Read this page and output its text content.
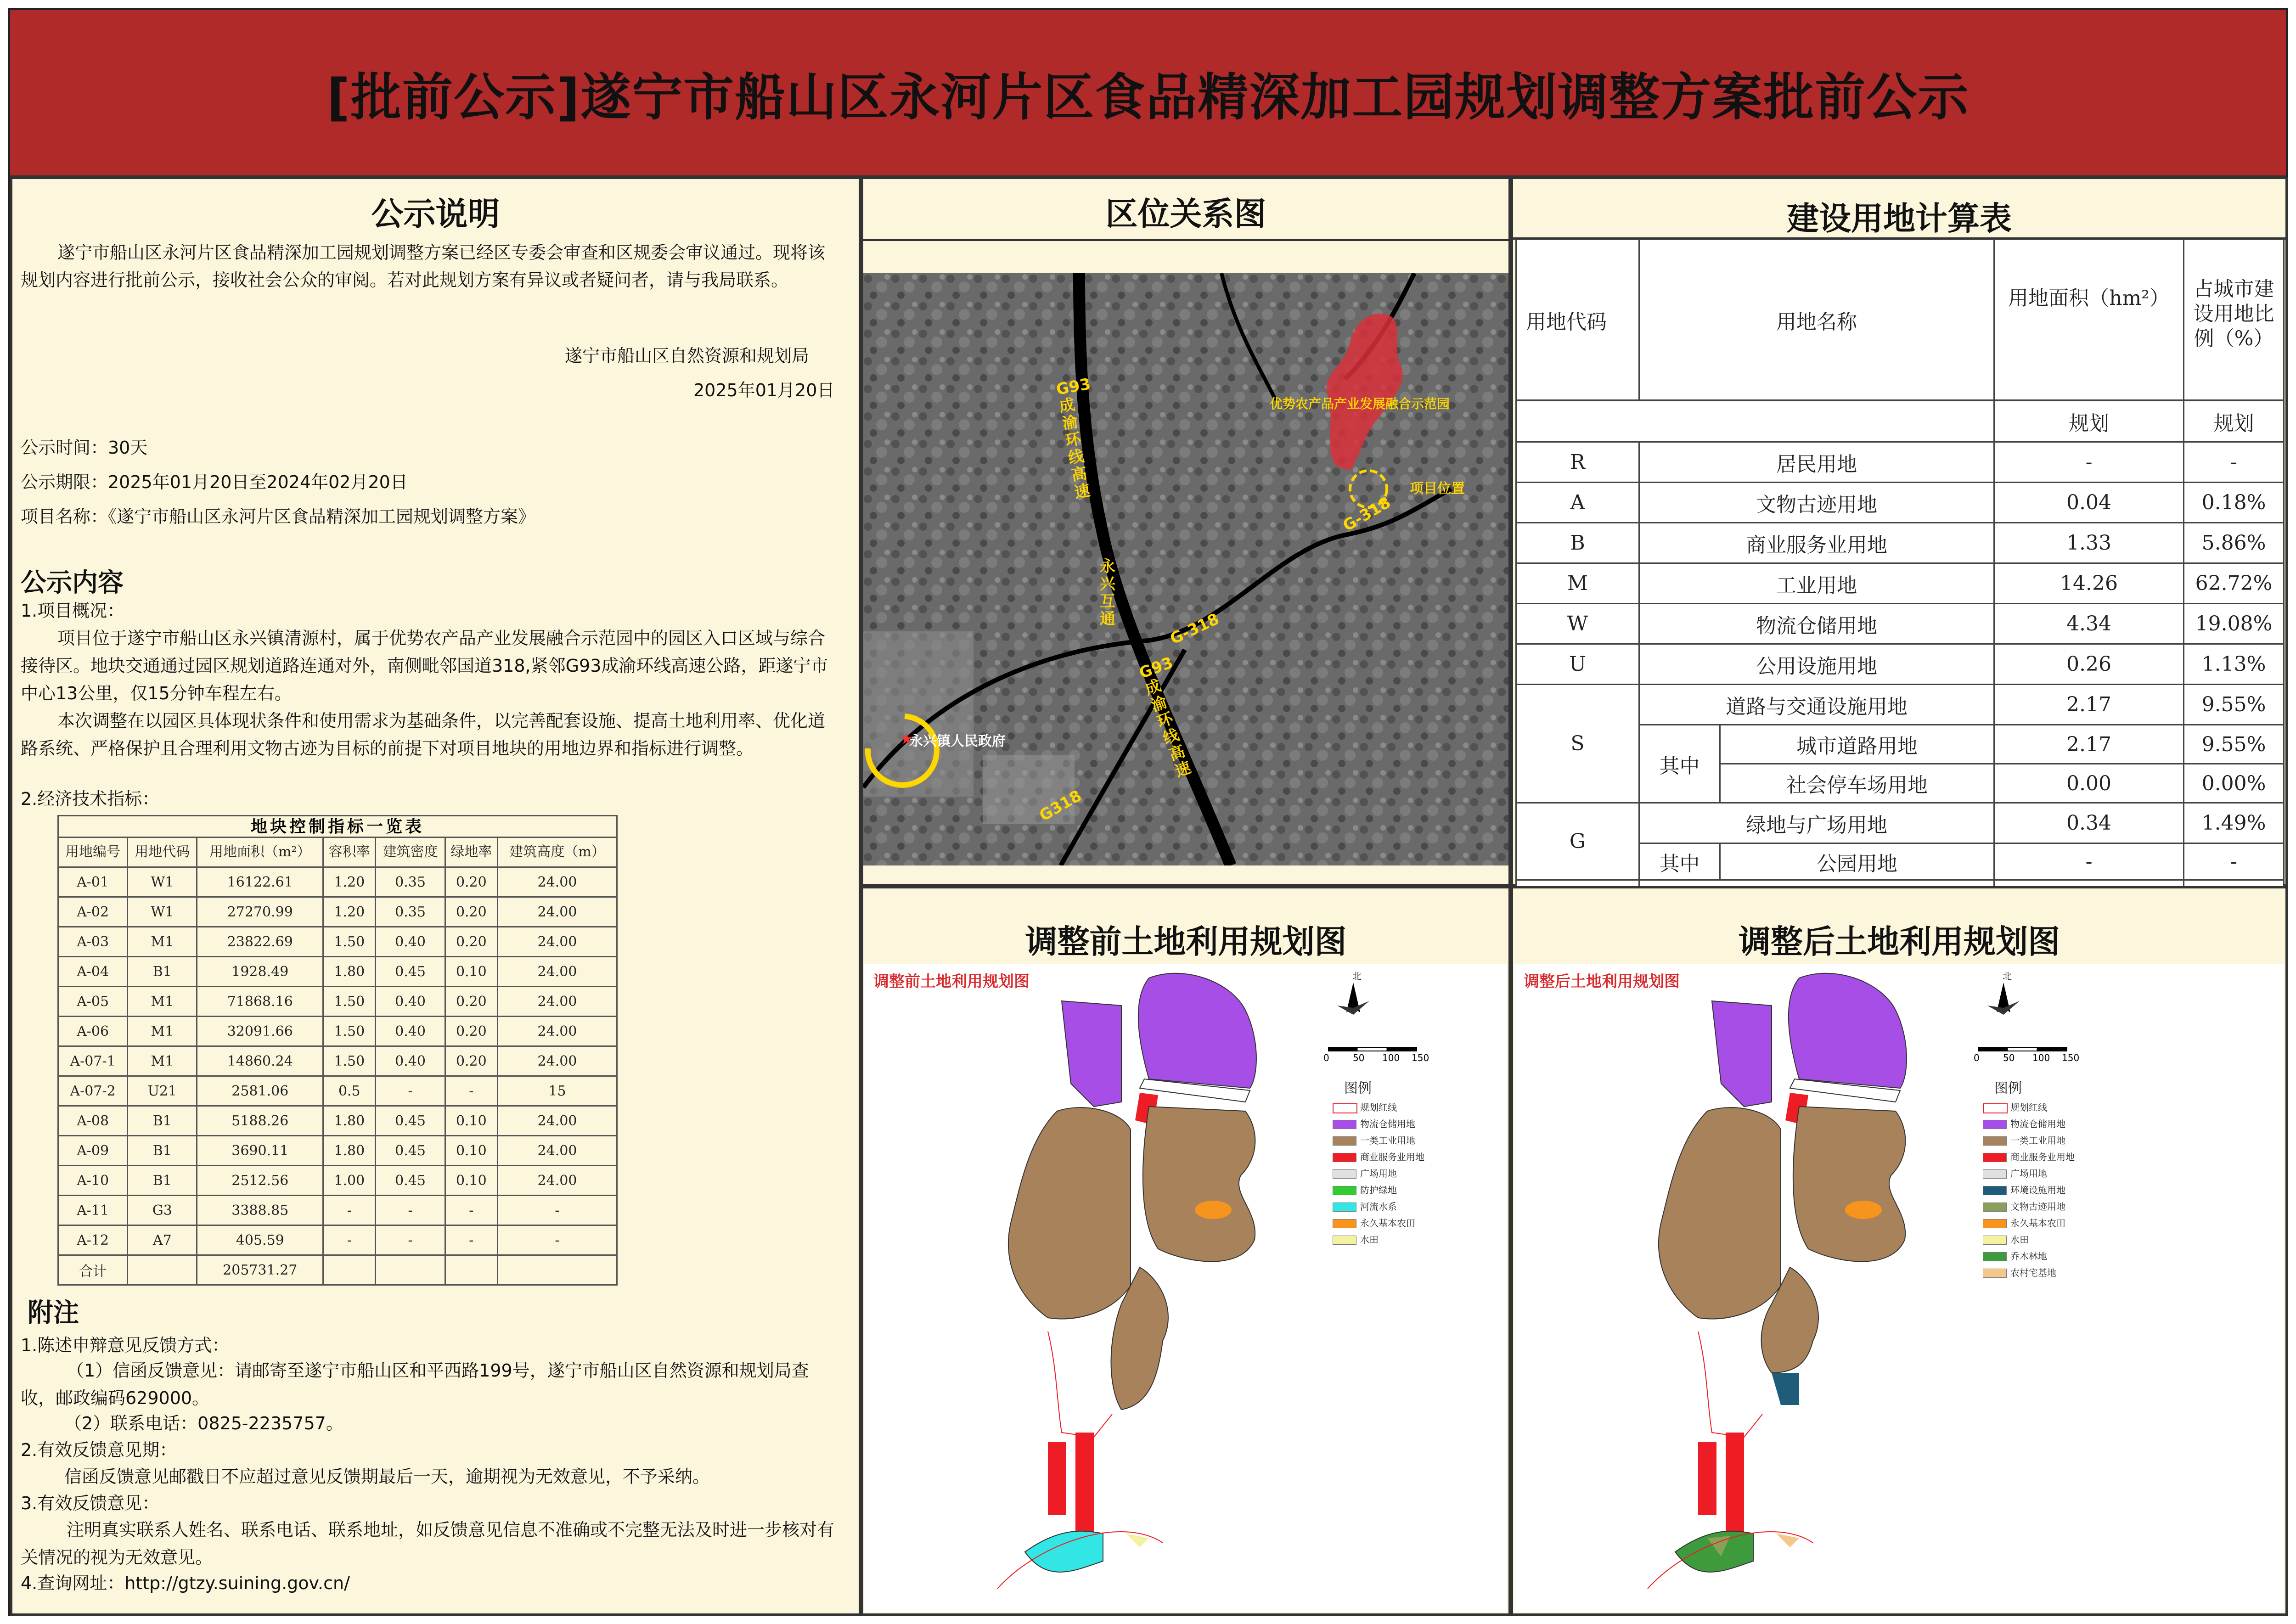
[批前公示]遂宁市船山区永河片区食品精深加工园规划调整方案批前公示
公示说明
遂宁市船山区永河片区食品精深加工园规划调整方案已经区专委会审查和区规委会审议通过。现将该规划内容进行批前公示，接收社会公众的审阅。若对此规划方案有异议或者疑问者，请与我局联系。
遂宁市船山区自然资源和规划局
2025年01月20日
公示时间：30天
公示期限：2025年01月20日至2024年02月20日
项目名称：《遂宁市船山区永河片区食品精深加工园规划调整方案》
公示内容
1.项目概况：
项目位于遂宁市船山区永兴镇清源村，属于优势农产品产业发展融合示范园中的园区入口区域与综合接待区。地块交通通过园区规划道路连通对外，南侧毗邻国道318,紧邻G93成渝环线高速公路，距遂宁市中心13公里，仅15分钟车程左右。
本次调整在以园区具体现状条件和使用需求为基础条件，以完善配套设施、提高土地利用率、优化道路系统、严格保护且合理利用文物古迹为目标的前提下对项目地块的用地边界和指标进行调整。
2.经济技术指标：
地块控制指标一览表
用地编号	用地代码	用地面积（m²）	容积率	建筑密度	绿地率	建筑高度（m）
A-01	W1	16122.61	1.20	0.35	0.20	24.00
A-02	W1	27270.99	1.20	0.35	0.20	24.00
A-03	M1	23822.69	1.50	0.40	0.20	24.00
A-04	B1	1928.49	1.80	0.45	0.10	24.00
A-05	M1	71868.16	1.50	0.40	0.20	24.00
A-06	M1	32091.66	1.50	0.40	0.20	24.00
A-07-1	M1	14860.24	1.50	0.40	0.20	24.00
A-07-2	U21	2581.06	0.5	-	-	15
A-08	B1	5188.26	1.80	0.45	0.10	24.00
A-09	B1	3690.11	1.80	0.45	0.10	24.00
A-10	B1	2512.56	1.00	0.45	0.10	24.00
A-11	G3	3388.85	-	-	-	-
A-12	A7	405.59	-	-	-	-
合计		205731.27				
附注
1.陈述申辩意见反馈方式：
（1）信函反馈意见：请邮寄至遂宁市船山区和平西路199号，遂宁市船山区自然资源和规划局查收，邮政编码629000。
（2）联系电话：0825-2235757。
2.有效反馈意见期：
信函反馈意见邮戳日不应超过意见反馈期最后一天，逾期视为无效意见，不予采纳。
3.有效反馈意见：
注明真实联系人姓名、联系电话、联系地址，如反馈意见信息不准确或不完整无法及时进一步核对有关情况的视为无效意见。
4.查询网址：http://gtzy.suining.gov.cn/
区位关系图
★
G93成渝环线高速
G93成渝环线高速
永兴互通	G-318
G-318
G318
优势农产品产业发展融合示范园
项目位置
永兴镇人民政府
建设用地计算表
用地代码	用地名称		用地面积（hm²）	占城市建设用地比例（%）

			规划	规划
R	居民用地		-	-
A	文物古迹用地		0.04	0.18%
B	商业服务业用地		1.33	5.86%
M	工业用地		14.26	62.72%
W	物流仓储用地		4.34	19.08%
U	公用设施用地		0.26	1.13%
S	道路与交通设施用地		2.17	9.55%
	其中	城市道路用地	2.17	9.55%
		社会停车场用地	0.00	0.00%
G	绿地与广场用地		0.34	1.49%
	其中	公园用地	-	-

调整前土地利用规划图
调整前土地利用规划图	北
0	50 100 150
图例
规划红线
物流仓储用地
一类工业用地
商业服务业用地
广场用地
防护绿地
河流水系
永久基本农田
水田
调整后土地利用规划图
调整后土地利用规划图	北
0	50 100 150
图例
规划红线
物流仓储用地
一类工业用地
商业服务业用地
广场用地
环境设施用地
文物古迹用地
永久基本农田
水田
乔木林地
农村宅基地
